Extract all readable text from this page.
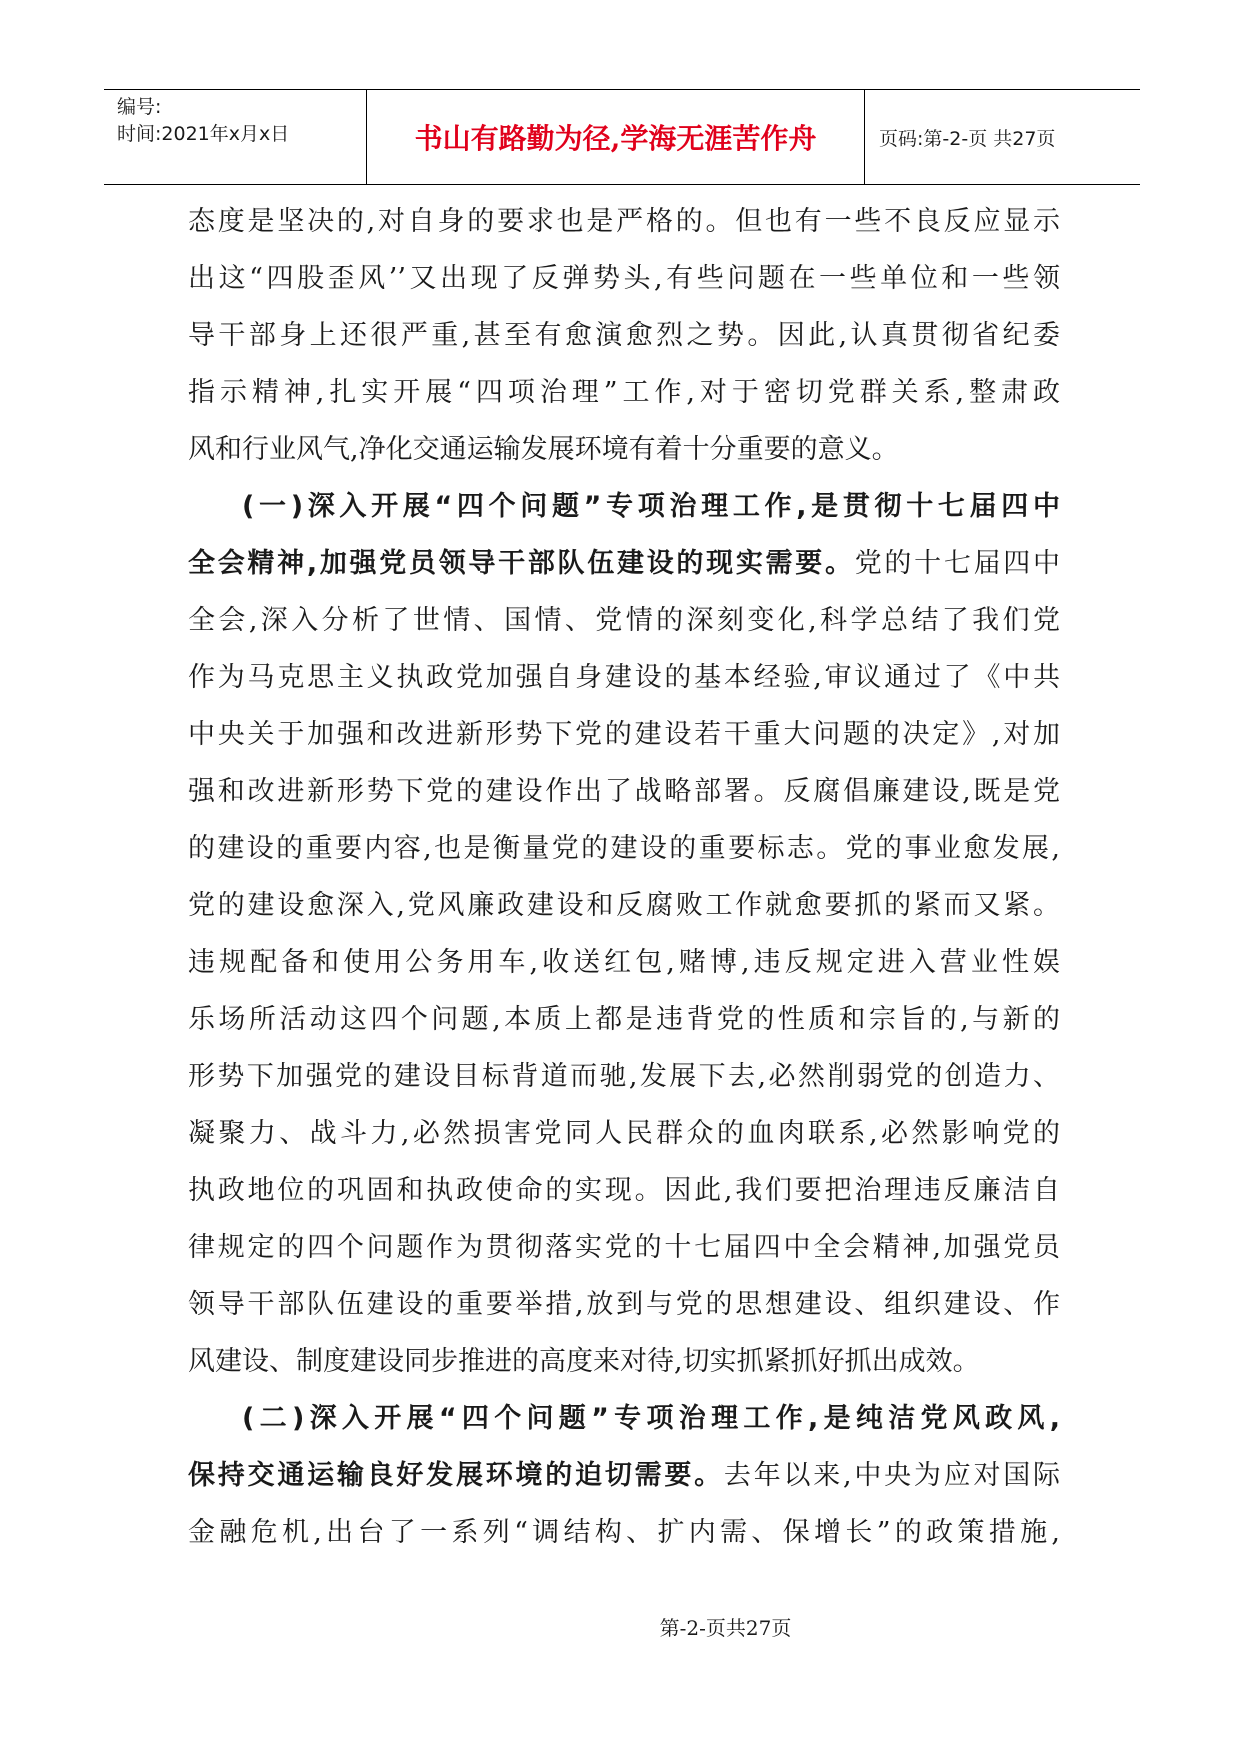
编号:
时间:2021年x月x日	书山有路勤为径,学海无涯苦作舟	页码:第-2-页 共27页
态度是坚决的,对自身的要求也是严格的。但也有一些不良反应显示
出这“四股歪风’’又出现了反弹势头,有些问题在一些单位和一些领
导干部身上还很严重,甚至有愈演愈烈之势。因此,认真贯彻省纪委
指示精神,扎实开展“四项治理”工作,对于密切党群关系,整肃政
风和行业风气,净化交通运输发展环境有着十分重要的意义。
(一)深入开展“四个问题”专项治理工作,是贯彻十七届四中
全会精神,加强党员领导干部队伍建设的现实需要。党的十七届四中
全会,深入分析了世情、国情、党情的深刻变化,科学总结了我们党
作为马克思主义执政党加强自身建设的基本经验,审议通过了《中共
中央关于加强和改进新形势下党的建设若干重大问题的决定》,对加
强和改进新形势下党的建设作出了战略部署。反腐倡廉建设,既是党
的建设的重要内容,也是衡量党的建设的重要标志。党的事业愈发展,
党的建设愈深入,党风廉政建设和反腐败工作就愈要抓的紧而又紧。
违规配备和使用公务用车,收送红包,赌博,违反规定进入营业性娱
乐场所活动这四个问题,本质上都是违背党的性质和宗旨的,与新的
形势下加强党的建设目标背道而驰,发展下去,必然削弱党的创造力、
凝聚力、战斗力,必然损害党同人民群众的血肉联系,必然影响党的
执政地位的巩固和执政使命的实现。因此,我们要把治理违反廉洁自
律规定的四个问题作为贯彻落实党的十七届四中全会精神,加强党员
领导干部队伍建设的重要举措,放到与党的思想建设、组织建设、作
风建设、制度建设同步推进的高度来对待,切实抓紧抓好抓出成效。
(二)深入开展“四个问题”专项治理工作,是纯洁党风政风,
保持交通运输良好发展环境的迫切需要。去年以来,中央为应对国际
金融危机,出台了一系列“调结构、扩内需、保增长”的政策措施,
第-2-页共27页
